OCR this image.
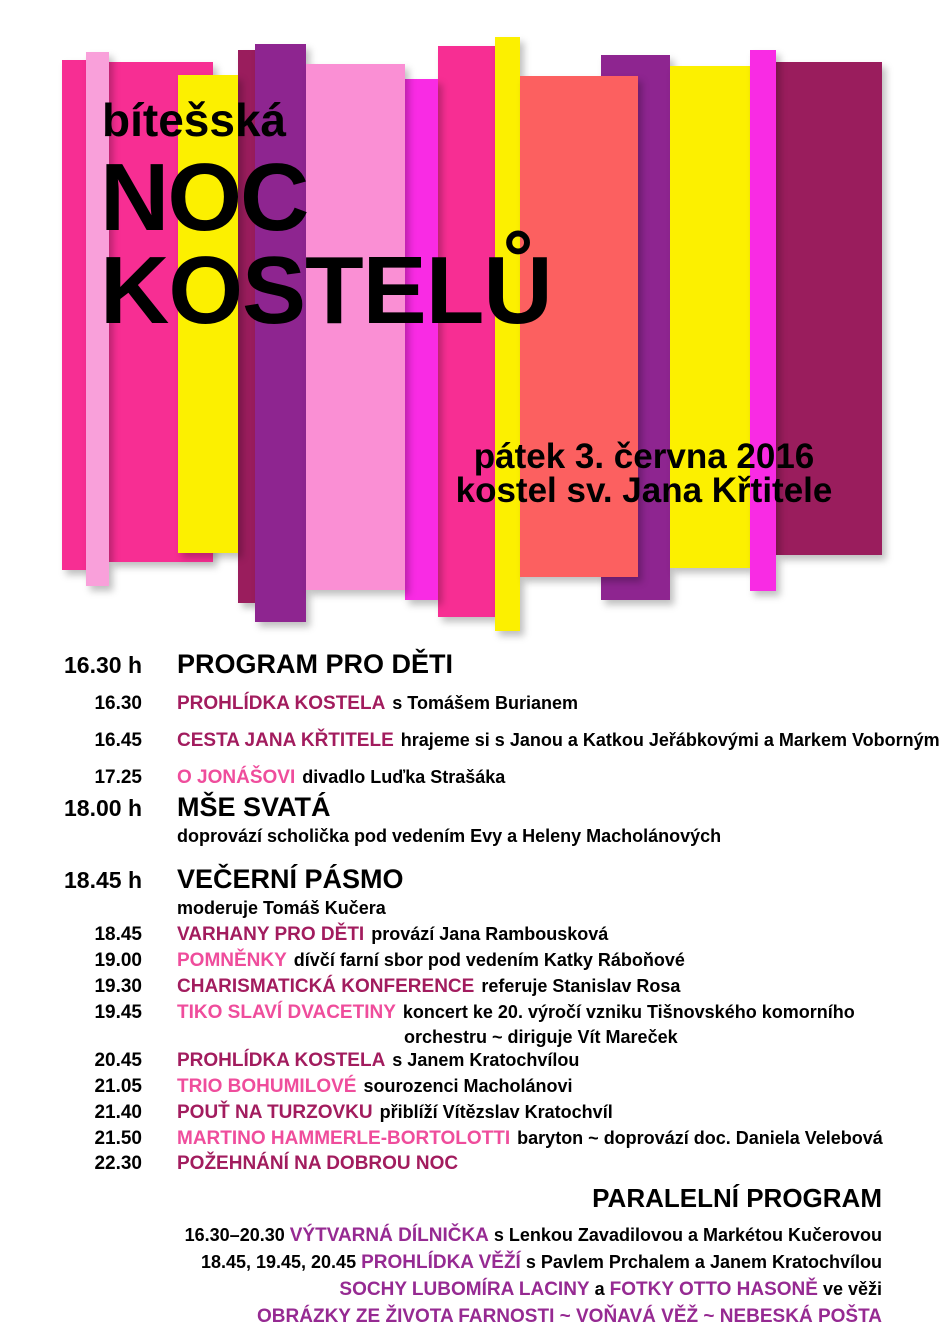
bítešská
NOC
KOSTELŮ
pátek 3. června 2016
kostel sv. Jana Křtitele
16.30 h PROGRAM PRO DĚTI
16.30 PROHLÍDKA KOSTELA s Tomášem Burianem
16.45 CESTA JANA KŘTITELE hrajeme si s Janou a Katkou Jeřábkovými a Markem Voborným
17.25 O JONÁŠOVI divadlo Luďka Strašáka
18.00 h MŠE SVATÁ
doprovází scholička pod vedením Evy a Heleny Macholánových
18.45 h VEČERNÍ PÁSMO
moderuje Tomáš Kučera
18.45 VARHANY PRO DĚTI provází Jana Rambousková
19.00 POMNĚNKY dívčí farní sbor pod vedením Katky Ráboňové
19.30 CHARISMATICKÁ KONFERENCE referuje Stanislav Rosa
19.45 TIKO SLAVÍ DVACETINY koncert ke 20. výročí vzniku Tišnovského komorního
orchestru ~ diriguje Vít Mareček
20.45 PROHLÍDKA KOSTELA s Janem Kratochvílou
21.05 TRIO BOHUMILOVÉ sourozenci Macholánovi
21.40 POUŤ NA TURZOVKU přiblíží Vítězslav Kratochvíl
21.50 MARTINO HAMMERLE-BORTOLOTTI baryton ~ doprovází doc. Daniela Velebová
22.30 POŽEHNÁNÍ NA DOBROU NOC
PARALELNÍ PROGRAM
16.30–20.30 VÝTVARNÁ DÍLNIČKA s Lenkou Zavadilovou a Markétou Kučerovou
18.45, 19.45, 20.45 PROHLÍDKA VĚŽÍ s Pavlem Prchalem a Janem Kratochvílou
SOCHY LUBOMÍRA LACINY a FOTKY OTTO HASONĚ ve věži
OBRÁZKY ZE ŽIVOTA FARNOSTI ~ VOŇAVÁ VĚŽ ~ NEBESKÁ POŠTA
